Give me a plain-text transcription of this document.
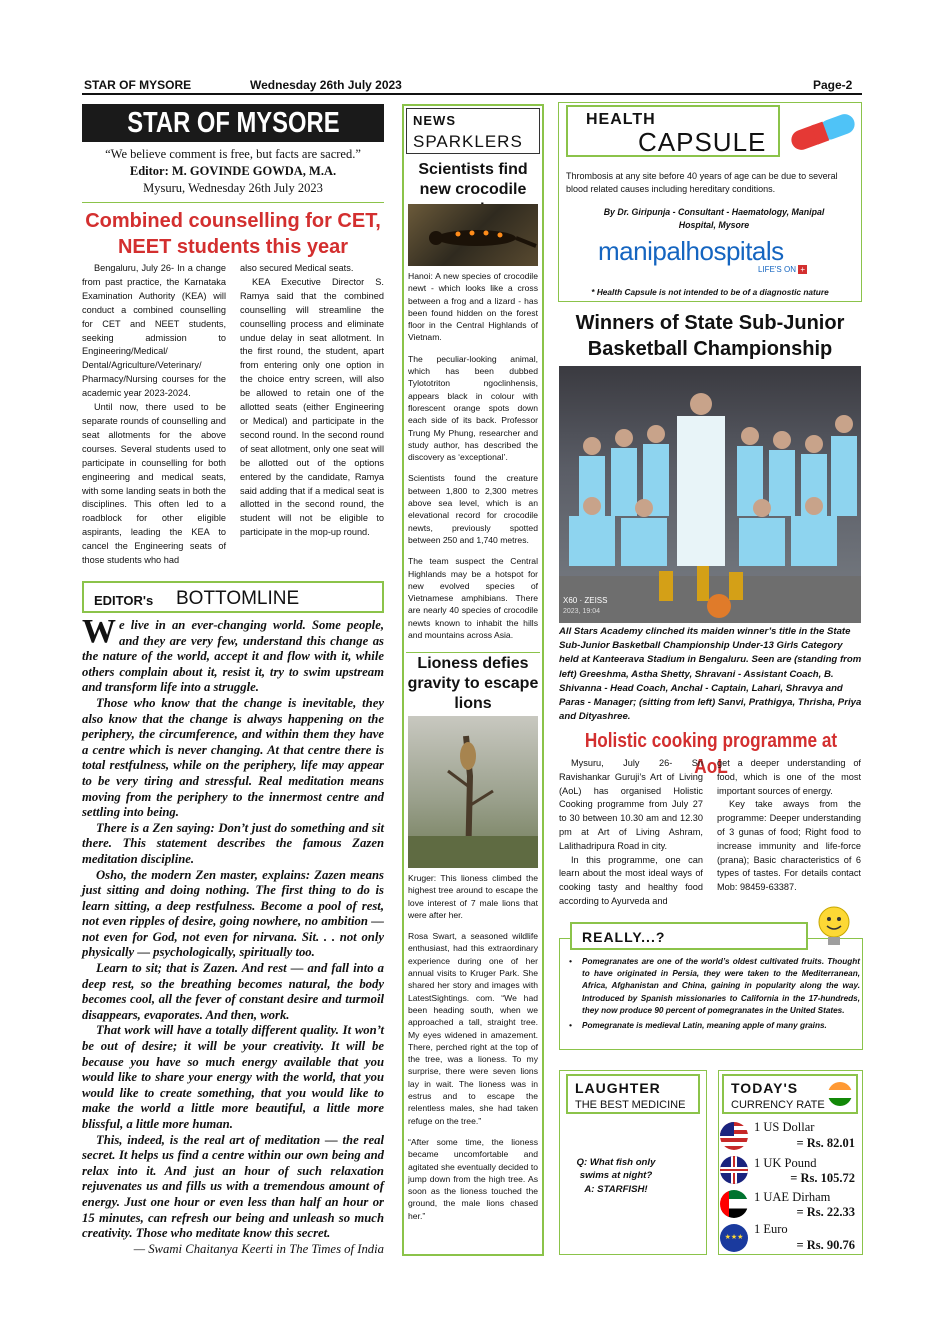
STAR OF MYSORE	Wednesday 26th July 2023	Page-2
STAR OF MYSORE
“We believe comment is free, but facts are sacred.”
Editor: M. GOVINDE GOWDA, M.A.
Mysuru, Wednesday 26th July 2023
Combined counselling for CET, NEET students this year

Bengaluru, July 26- In a change from past practice, the Karnataka Examination Authority (KEA) will conduct a combined counselling for CET and NEET students, seeking admission to Engineering/Medical/ Dental/Agriculture/Veterinary/ Pharmacy/Nursing courses for the academic year 2023-2024.

Until now, there used to be separate rounds of counselling and seat allotments for the above courses. Several students used to participate in counselling for both engineering and medical seats, with some landing seats in both the disciplines. This often led to a roadblock for other eligible aspirants, leading the KEA to cancel the Engineering seats of those students who had

also secured Medical seats.

KEA Executive Director S. Ramya said that the combined counselling will streamline the counselling process and eliminate undue delay in seat allotment. In the first round, the student, apart from entering only one option in the choice entry screen, will also be allowed to retain one of the allotted seats (either Engineering or Medical) and participate in the second round. In the second round of seat allotment, only one seat will be allotted out of the options entered by the candidate, Ramya said adding that if a medical seat is allotted in the second round, the student will not be eligible to participate in the mop-up round.

EDITOR's BOTTOMLINE

We live in an ever-changing world. Some people, and they are very few, understand this change as the nature of the world, accept it and flow with it, while others complain about it, resist it, try to swim upstream and transform life into a struggle.

Those who know that the change is inevitable, they also know that the change is always happening on the periphery, the circumference, and within them they have a centre which is never changing. At that centre there is total restfulness, while on the periphery, life may appear to be very tiring and stressful. Real meditation means moving from the periphery to the innermost centre and settling into being.

There is a Zen saying: Don’t just do something and sit there. This statement describes the famous Zazen meditation discipline.

Osho, the modern Zen master, explains: Zazen means just sitting and doing nothing. The first thing to do is learn sitting, a deep restfulness. Become a pool of rest, not even ripples of desire, going nowhere, no ambition — not even for God, not even for nirvana. Sit. . . not only physically — psychologically, spiritually too.

Learn to sit; that is Zazen. And rest — and fall into a deep rest, so the breathing becomes natural, the body becomes cool, all the fever of constant desire and turmoil disappears, evaporates. And then, work.

That work will have a totally different quality. It won’t be out of desire; it will be your creativity. It will be because you have so much energy available that you would like to share your energy with the world, that you would like to create something, that you would like to make the world a little more beautiful, a little more blissful, a little more human.

This, indeed, is the real art of meditation — the real secret. It helps us find a centre within our own being and relax into it. And just an hour of such relaxation rejuvenates us and fills us with a tremendous amount of energy. Just one hour or even less than half an hour or 15 minutes, can refresh our being and unleash so much creativity. Those who meditate know this secret.

— Swami Chaitanya Keerti in The Times of India

NEWS
SPARKLERS
Scientists find new crocodile

Hanoi: A new species of crocodile newt - which looks like a cross between a frog and a lizard - has been found hidden on the forest floor in the Central Highlands of Vietnam.

The peculiar-looking animal, which has been dubbed Tylototriton ngoclinhensis, appears black in colour with florescent orange spots down each side of its back. Professor Trung My Phung, researcher and study author, has described the discovery as ‘exceptional’.

Scientists found the creature between 1,800 to 2,300 metres above sea level, which is an elevational record for crocodile newts, previously spotted between 250 and 1,740 metres.

The team suspect the Central Highlands may be a hotspot for new evolved species of Vietnamese amphibians. There are nearly 40 species of crocodile newts known to inhabit the hills and mountains across Asia.

Lioness defies gravity to escape lions

Kruger: This lioness climbed the highest tree around to escape the love interest of 7 male lions that were after her.

Rosa Swart, a seasoned wildlife enthusiast, had this extraordinary experience during one of her annual visits to Kruger Park. She shared her story and images with LatestSightings. com. “We had been heading south, when we approached a tall, straight tree. My eyes widened in amazement. There, perched right at the top of the tree, was a lioness. To my surprise, there were seven lions lay in wait. The lioness was in estrus and to escape the relentless males, she had taken refuge on the tree.”

“After some time, the lioness became uncomfortable and agitated she eventually decided to jump down from the high tree. As soon as the lioness touched the ground, the male lions chased her.”

HEALTH
CAPSULE
Thrombosis at any site before 40 years of age can be due to several blood related causes including hereditary conditions.
By Dr. Giripunja - Consultant - Haematology, Manipal Hospital, Mysore
manipalhospitals
LIFE'S ON +
* Health Capsule is not intended to be of a diagnostic nature
Winners of State Sub-Junior Basketball Championship
X60 · ZEISS
2023, 19:04
All Stars Academy clinched its maiden winner’s title in the State Sub-Junior Basketball Championship Under-13 Girls Category held at Kanteerava Stadium in Bengaluru. Seen are (standing from left) Greeshma, Astha Shetty, Shravani - Assistant Coach, B. Shivanna - Head Coach, Anchal - Captain, Lahari, Shravya and Paras - Manager; (sitting from left) Sanvi, Prathigya, Thrisha, Priya and Dityashree.
Holistic cooking programme at AoL

Mysuru, July 26- Sri Ravishankar Guruji’s Art of Living (AoL) has organised Holistic Cooking programme from July 27 to 30 between 10.30 am and 12.30 pm at Art of Living Ashram, Lalithadripura Road in city.

In this programme, one can learn about the most ideal ways of cooking tasty and healthy food according to Ayurveda and

get a deeper understanding of food, which is one of the most important sources of energy.

Key take aways from the programme: Deeper understanding of 3 gunas of food; Right food to increase immunity and life-force (prana); Basic characteristics of 6 types of tastes. For details contact Mob: 98459-63387.

REALLY...?
• Pomegranates are one of the world’s oldest cultivated fruits. Thought to have originated in Persia, they were taken to the Mediterranean, Africa, Afghanistan and China, gaining in popularity along the way. Introduced by Spanish missionaries to California in the 17-hundreds, they now produce 90 percent of pomegranates in the United States.
• Pomegranate is medieval Latin, meaning apple of many grains.
LAUGHTER
THE BEST MEDICINE
Q: What fish only swims at night?
A: STARFISH!
TODAY'S
CURRENCY RATE
1 US Dollar
= Rs. 82.01
1 UK Pound
= Rs. 105.72
1 UAE Dirham
= Rs. 22.33
★★★
1 Euro
= Rs. 90.76
